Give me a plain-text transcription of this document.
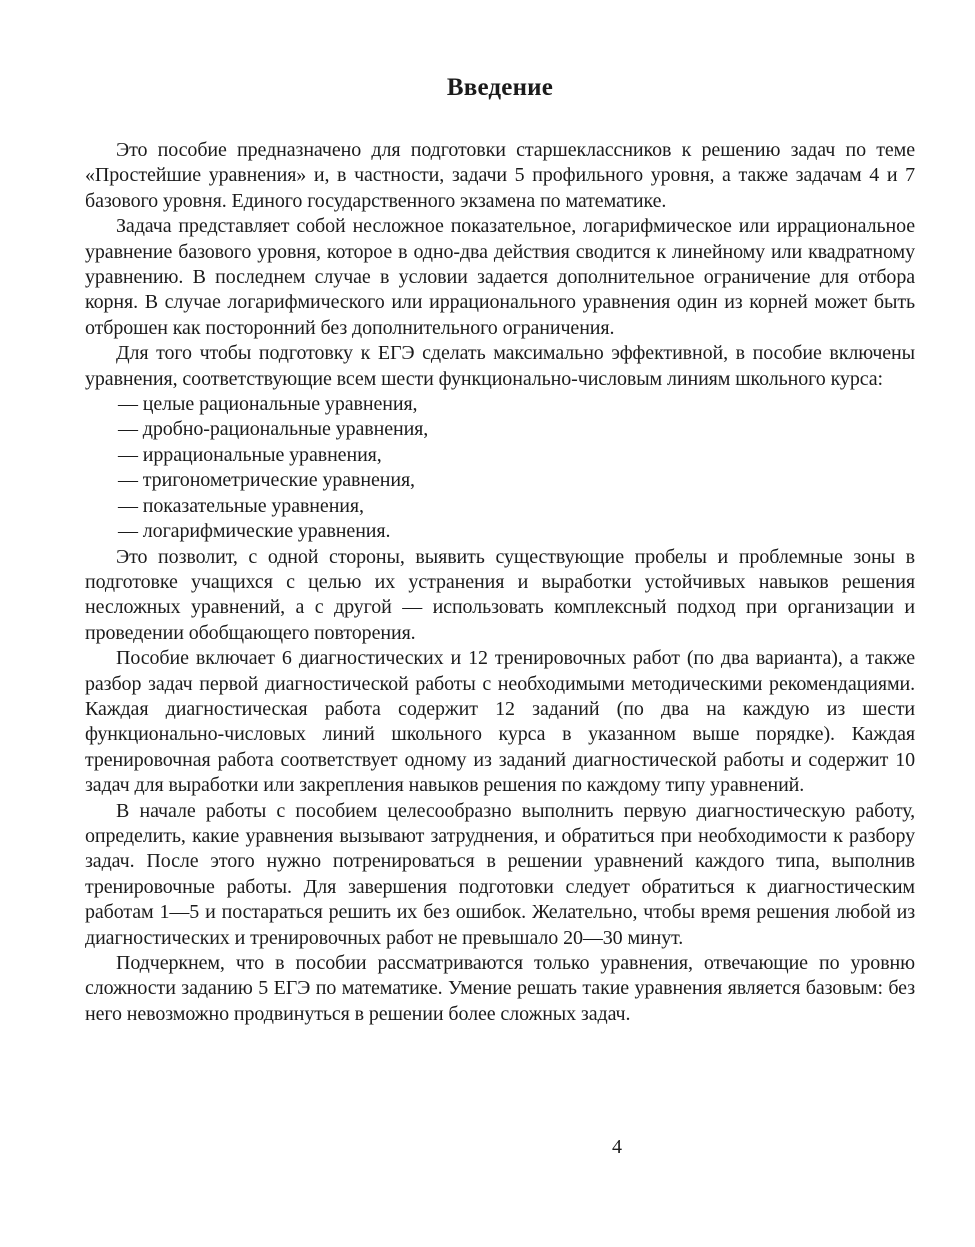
Введение

Это пособие предназначено для подготовки старшеклассников к решению задач по теме «Простейшие уравнения» и, в частности, задачи 5 профильного уровня, а также задачам 4 и 7 базового уровня. Единого государственного экзамена по математике.

Задача представляет собой несложное показательное, логарифмическое или иррациональное уравнение базового уровня, которое в одно-два действия сводится к линейному или квадратному уравнению. В последнем случае в условии задается дополнительное ограничение для отбора корня. В случае логарифмического или иррационального уравнения один из корней может быть отброшен как посторонний без дополнительного ограничения.

Для того чтобы подготовку к ЕГЭ сделать максимально эффективной, в пособие включены уравнения, соответствующие всем шести функционально-числовым линиям школьного курса:

— целые рациональные уравнения,
— дробно-рациональные уравнения,
— иррациональные уравнения,
— тригонометрические уравнения,
— показательные уравнения,
— логарифмические уравнения.

Это позволит, с одной стороны, выявить существующие пробелы и проблемные зоны в подготовке учащихся с целью их устранения и выработки устойчивых навыков решения несложных уравнений, а с другой — использовать комплексный подход при организации и проведении обобщающего повторения.

Пособие включает 6 диагностических и 12 тренировочных работ (по два варианта), а также разбор задач первой диагностической работы с необходимыми методическими рекомендациями. Каждая диагностическая работа содержит 12 заданий (по два на каждую из шести функционально-числовых линий школьного курса в указанном выше порядке). Каждая тренировочная работа соответствует одному из заданий диагностической работы и содержит 10 задач для выработки или закрепления навыков решения по каждому типу уравнений.

В начале работы с пособием целесообразно выполнить первую диагностическую работу, определить, какие уравнения вызывают затруднения, и обратиться при необходимости к разбору задач. После этого нужно потренироваться в решении уравнений каждого типа, выполнив тренировочные работы. Для завершения подготовки следует обратиться к диагностическим работам 1—5 и постараться решить их без ошибок. Желательно, чтобы время решения любой из диагностических и тренировочных работ не превышало 20—30 минут.

Подчеркнем, что в пособии рассматриваются только уравнения, отвечающие по уровню сложности заданию 5 ЕГЭ по математике. Умение решать такие уравнения является базовым: без него невозможно продвинуться в решении более сложных задач.

4
